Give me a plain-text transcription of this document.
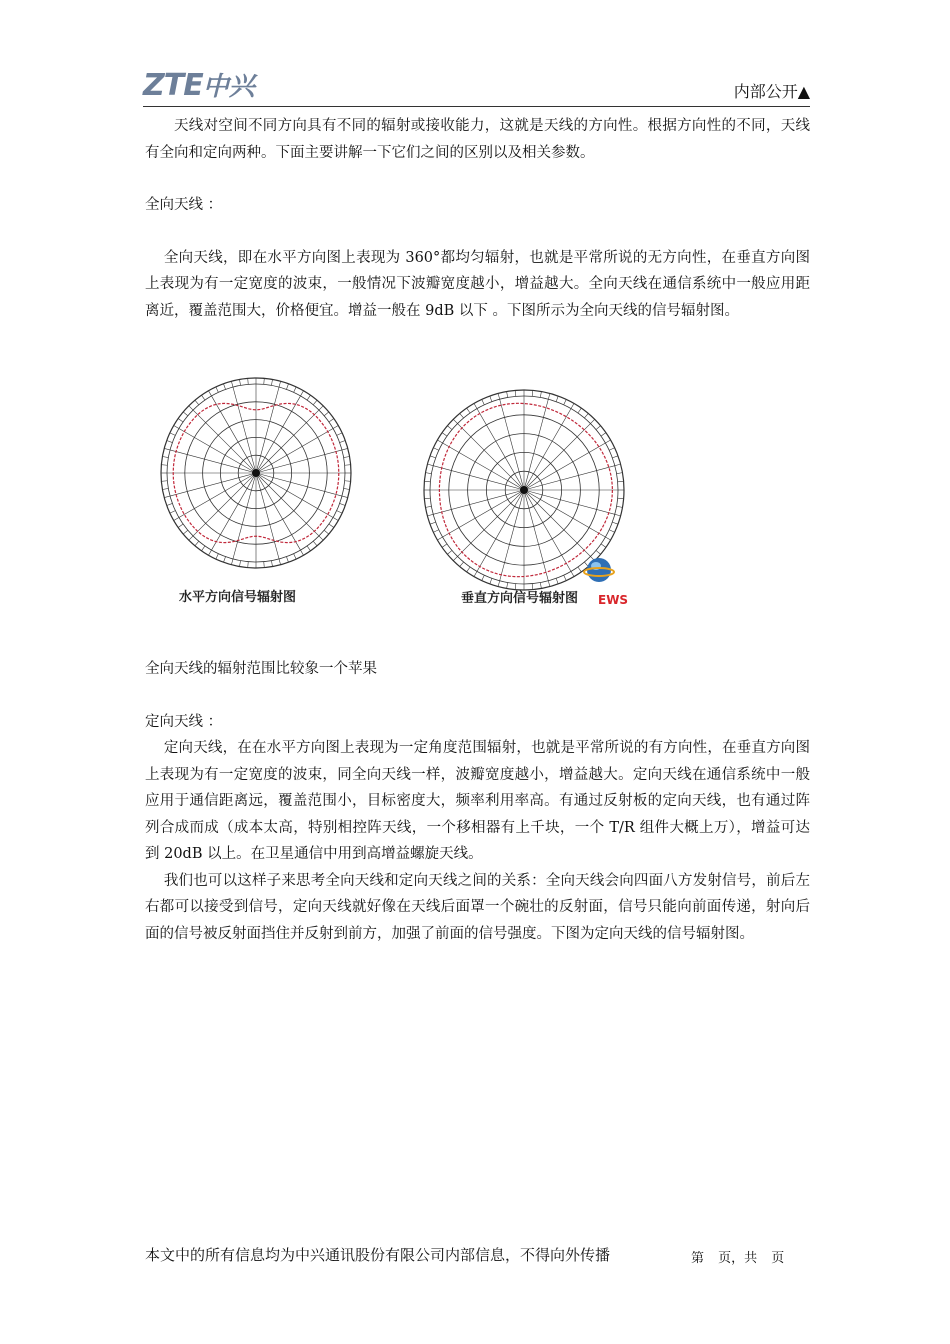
ZTE中兴	内部公开▲

天线对空间不同方向具有不同的辐射或接收能力，这就是天线的方向性。根据方向性的不同，天线有全向和定向两种。下面主要讲解一下它们之间的区别以及相关参数。

全向天线 ：

全向天线，即在水平方向图上表现为 360°都均匀辐射，也就是平常所说的无方向性，在垂直方向图上表现为有一定宽度的波束，一般情况下波瓣宽度越小，增益越大。全向天线在通信系统中一般应用距离近，覆盖范围大，价格便宜。增益一般在 9dB 以下 。下图所示为全向天线的信号辐射图。

水平方向信号辐射图	垂直方向信号辐射图 EWS

全向天线的辐射范围比较象一个苹果

定向天线 ：

定向天线，在在水平方向图上表现为一定角度范围辐射，也就是平常所说的有方向性，在垂直方向图上表现为有一定宽度的波束，同全向天线一样，波瓣宽度越小，增益越大。定向天线在通信系统中一般应用于通信距离远，覆盖范围小，目标密度大，频率利用率高。有通过反射板的定向天线，也有通过阵列合成而成（成本太高，特别相控阵天线，一个移相器有上千块，一个 T/R 组件大概上万），增益可达到 20dB 以上。在卫星通信中用到高增益螺旋天线。

我们也可以这样子来思考全向天线和定向天线之间的关系：全向天线会向四面八方发射信号，前后左右都可以接受到信号，定向天线就好像在天线后面罩一个碗壮的反射面，信号只能向前面传递，射向后面的信号被反射面挡住并反射到前方，加强了前面的信号强度。下图为定向天线的信号辐射图。

本文中的所有信息均为中兴通讯股份有限公司内部信息，不得向外传播	第 页，共 页
